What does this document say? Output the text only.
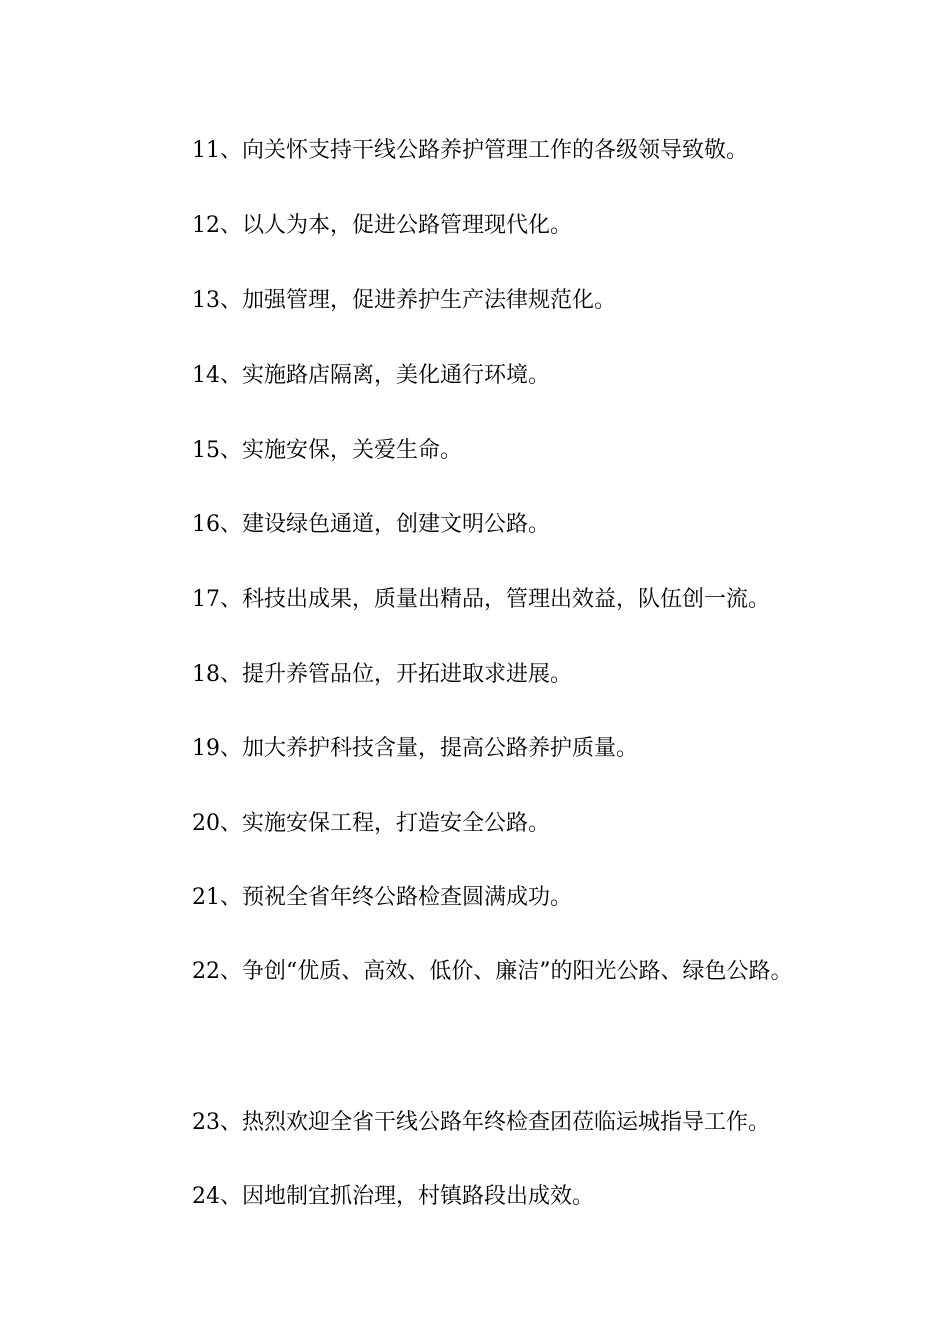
11、向关怀支持干线公路养护管理工作的各级领导致敬。

12、以人为本，促进公路管理现代化。

13、加强管理，促进养护生产法律规范化。

14、实施路店隔离，美化通行环境。

15、实施安保，关爱生命。

16、建设绿色通道，创建文明公路。

17、科技出成果，质量出精品，管理出效益，队伍创一流。

18、提升养管品位，开拓进取求进展。

19、加大养护科技含量，提高公路养护质量。

20、实施安保工程，打造安全公路。

21、预祝全省年终公路检查圆满成功。

22、争创“优质、高效、低价、廉洁”的阳光公路、绿色公路。

23、热烈欢迎全省干线公路年终检查团莅临运城指导工作。

24、因地制宜抓治理，村镇路段出成效。
